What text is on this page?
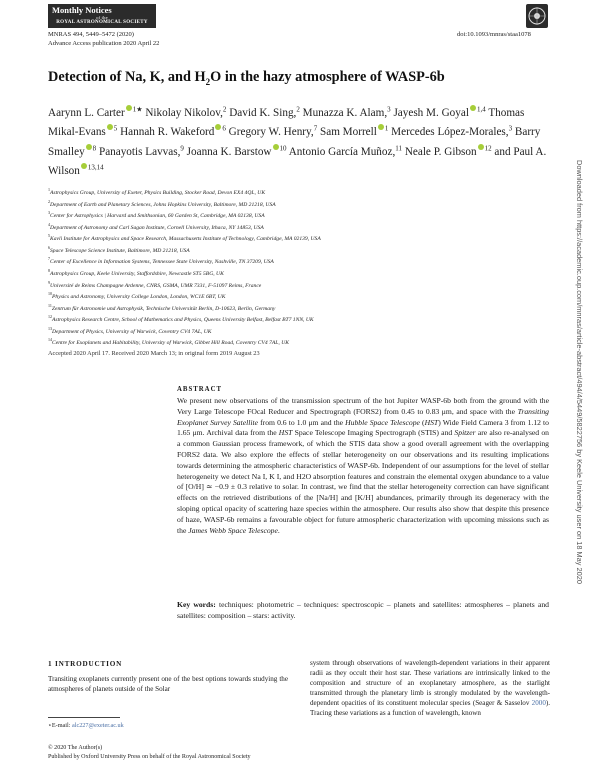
Monthly Notices
of the
ROYAL ASTRONOMICAL SOCIETY
MNRAS 494, 5449–5472 (2020)
Advance Access publication 2020 April 22
doi:10.1093/mnras/staa1078
Detection of Na, K, and $H_2O$ in the hazy atmosphere of WASP-6b
Aarynn L. Carter $^{1★}$ Nikolay Nikolov,$^2$ David K. Sing,$^2$ Munazza K. Alam,$^3$ Jayesh M. Goyal $^{1,4}$ Thomas Mikal-Evans $^5$ Hannah R. Wakeford $^6$ Gregory W. Henry,$^7$ Sam Morrell $^1$ Mercedes López-Morales,$^3$ Barry Smalley $^8$ Panayotis Lavvas,$^9$ Joanna K. Barstow $^{10}$ Antonio García Muñoz,$^{11}$ Neale P. Gibson $^{12}$ and Paul A. Wilson $^{13,14}$
$^1$Astrophysics Group, University of Exeter, Physics Building, Stocker Road, Devon EX4 4QL, UK
$^2$Department of Earth and Planetary Sciences, Johns Hopkins University, Baltimore, MD 21218, USA
$^3$Center for Astrophysics | Harvard and Smithsonian, 60 Garden St, Cambridge, MA 02138, USA
$^4$Department of Astronomy and Carl Sagan Institute, Cornell University, Ithaca, NY 14853, USA
$^5$Kavli Institute for Astrophysics and Space Research, Massachusetts Institute of Technology, Cambridge, MA 02139, USA
$^6$Space Telescope Science Institute, Baltimore, MD 21218, USA
$^7$Center of Excellence in Information Systems, Tennessee State University, Nashville, TN 37209, USA
$^8$Astrophysics Group, Keele University, Staffordshire, Newcastle ST5 5BG, UK
$^9$Université de Reims Champagne Ardenne, CNRS, GSMA, UMR 7331, F-51097 Reims, France
$^{10}$Physics and Astronomy, University College London, London, WC1E 6BT, UK
$^{11}$Zentrum für Astronomie und Astrophysik, Technische Universität Berlin, D-10623, Berlin, Germany
$^{12}$Astrophysics Research Centre, School of Mathematics and Physics, Queens University Belfast, Belfast BT7 1NN, UK
$^{13}$Department of Physics, University of Warwick, Coventry CV4 7AL, UK
$^{14}$Centre for Exoplanets and Habitability, University of Warwick, Gibbet Hill Road, Coventry CV4 7AL, UK
Accepted 2020 April 17. Received 2020 March 13; in original form 2019 August 23
ABSTRACT
We present new observations of the transmission spectrum of the hot Jupiter WASP-6b both from the ground with the Very Large Telescope FOcal Reducer and Spectrograph (FORS2) from 0.45 to 0.83 μm, and space with the Transiting Exoplanet Survey Satellite from 0.6 to 1.0 μm and the Hubble Space Telescope (HST) Wide Field Camera 3 from 1.12 to 1.65 μm. Archival data from the HST Space Telescope Imaging Spectrograph (STIS) and Spitzer are also re-analysed on a common Gaussian process framework, of which the STIS data show a good overall agreement with the overlapping FORS2 data. We also explore the effects of stellar heterogeneity on our observations and its resulting implications towards determining the atmospheric characteristics of WASP-6b. Independent of our assumptions for the level of stellar heterogeneity we detect Na I, K I, and H2O absorption features and constrain the elemental oxygen abundance to a value of [O/H] ≃ −0.9 ± 0.3 relative to solar. In contrast, we find that the stellar heterogeneity correction can have significant effects on the retrieved distributions of the [Na/H] and [K/H] abundances, primarily through its degeneracy with the sloping optical opacity of scattering haze species within the atmosphere. Our results also show that despite this presence of haze, WASP-6b remains a favourable object for future atmospheric characterization with upcoming missions such as the James Webb Space Telescope.
Key words: techniques: photometric – techniques: spectroscopic – planets and satellites: atmospheres – planets and satellites: composition – stars: activity.
1 INTRODUCTION
Transiting exoplanets currently present one of the best options towards studying the atmospheres of planets outside of the Solar
system through observations of wavelength-dependent variations in their apparent radii as they occult their host star. These variations are intrinsically linked to the composition and structure of an exoplanetary atmosphere, as the starlight transmitted through the planetary limb is strongly modulated by the wavelength-dependent opacities of its constituent molecular species (Seager & Sasselov 2000). Tracing these variations as a function of wavelength, known
⋆E-mail: alc227@exeter.ac.uk
© 2020 The Author(s)
Published by Oxford University Press on behalf of the Royal Astronomical Society
Downloaded from https://academic.oup.com/mnras/article-abstract/494/4/5449/5822756 by Keele University user on 18 May 2020
